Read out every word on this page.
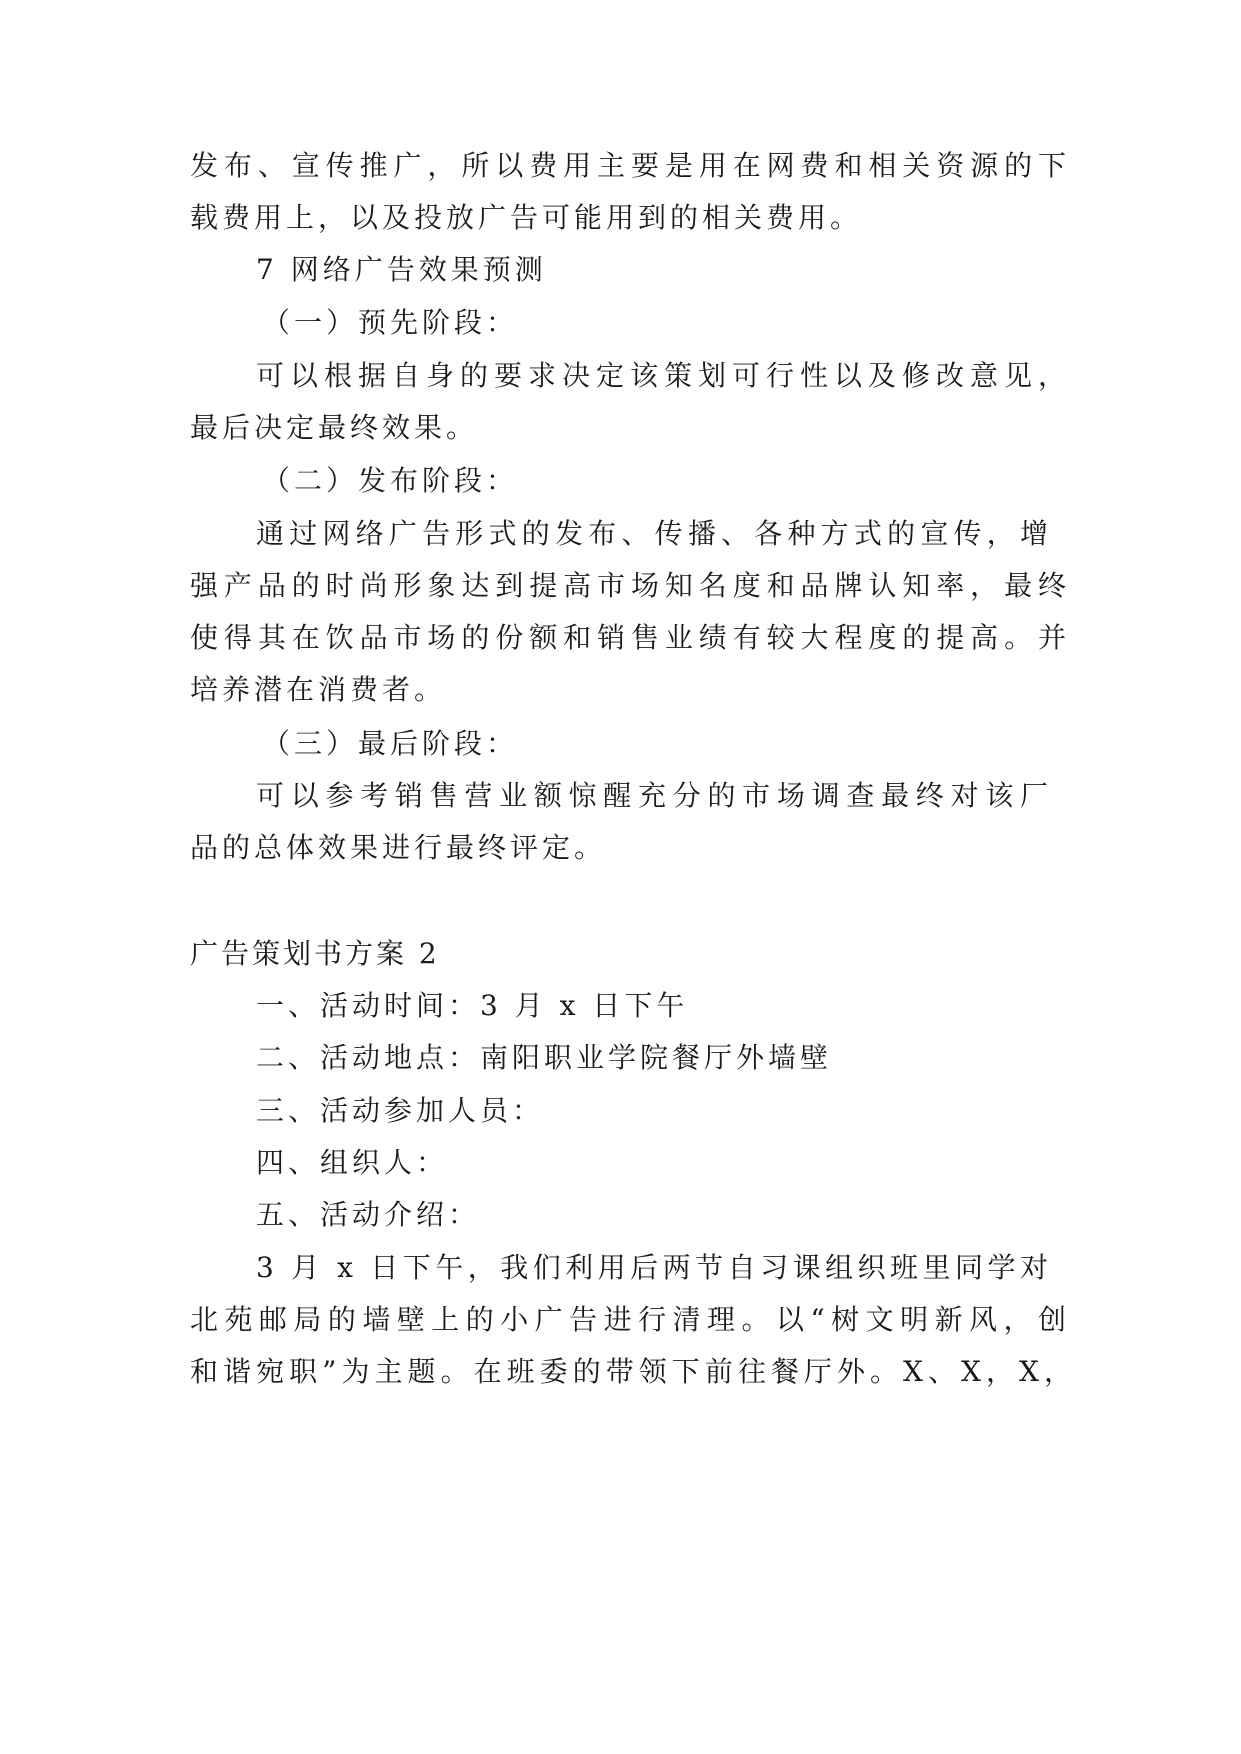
发布、宣传推广，所以费用主要是用在网费和相关资源的下
载费用上，以及投放广告可能用到的相关费用。
7 网络广告效果预测
（一）预先阶段：
可以根据自身的要求决定该策划可行性以及修改意见，
最后决定最终效果。
（二）发布阶段：
通过网络广告形式的发布、传播、各种方式的宣传，增
强产品的时尚形象达到提高市场知名度和品牌认知率，最终
使得其在饮品市场的份额和销售业绩有较大程度的提高。并
培养潜在消费者。
（三）最后阶段：
可以参考销售营业额惊醒充分的市场调查最终对该厂
品的总体效果进行最终评定。
广告策划书方案 2
一、活动时间：3 月 x 日下午
二、活动地点：南阳职业学院餐厅外墙壁
三、活动参加人员：
四、组织人：
五、活动介绍：
3 月 x 日下午，我们利用后两节自习课组织班里同学对
北苑邮局的墙壁上的小广告进行清理。以“树文明新风，创
和谐宛职”为主题。在班委的带领下前往餐厅外。X、X，X，
